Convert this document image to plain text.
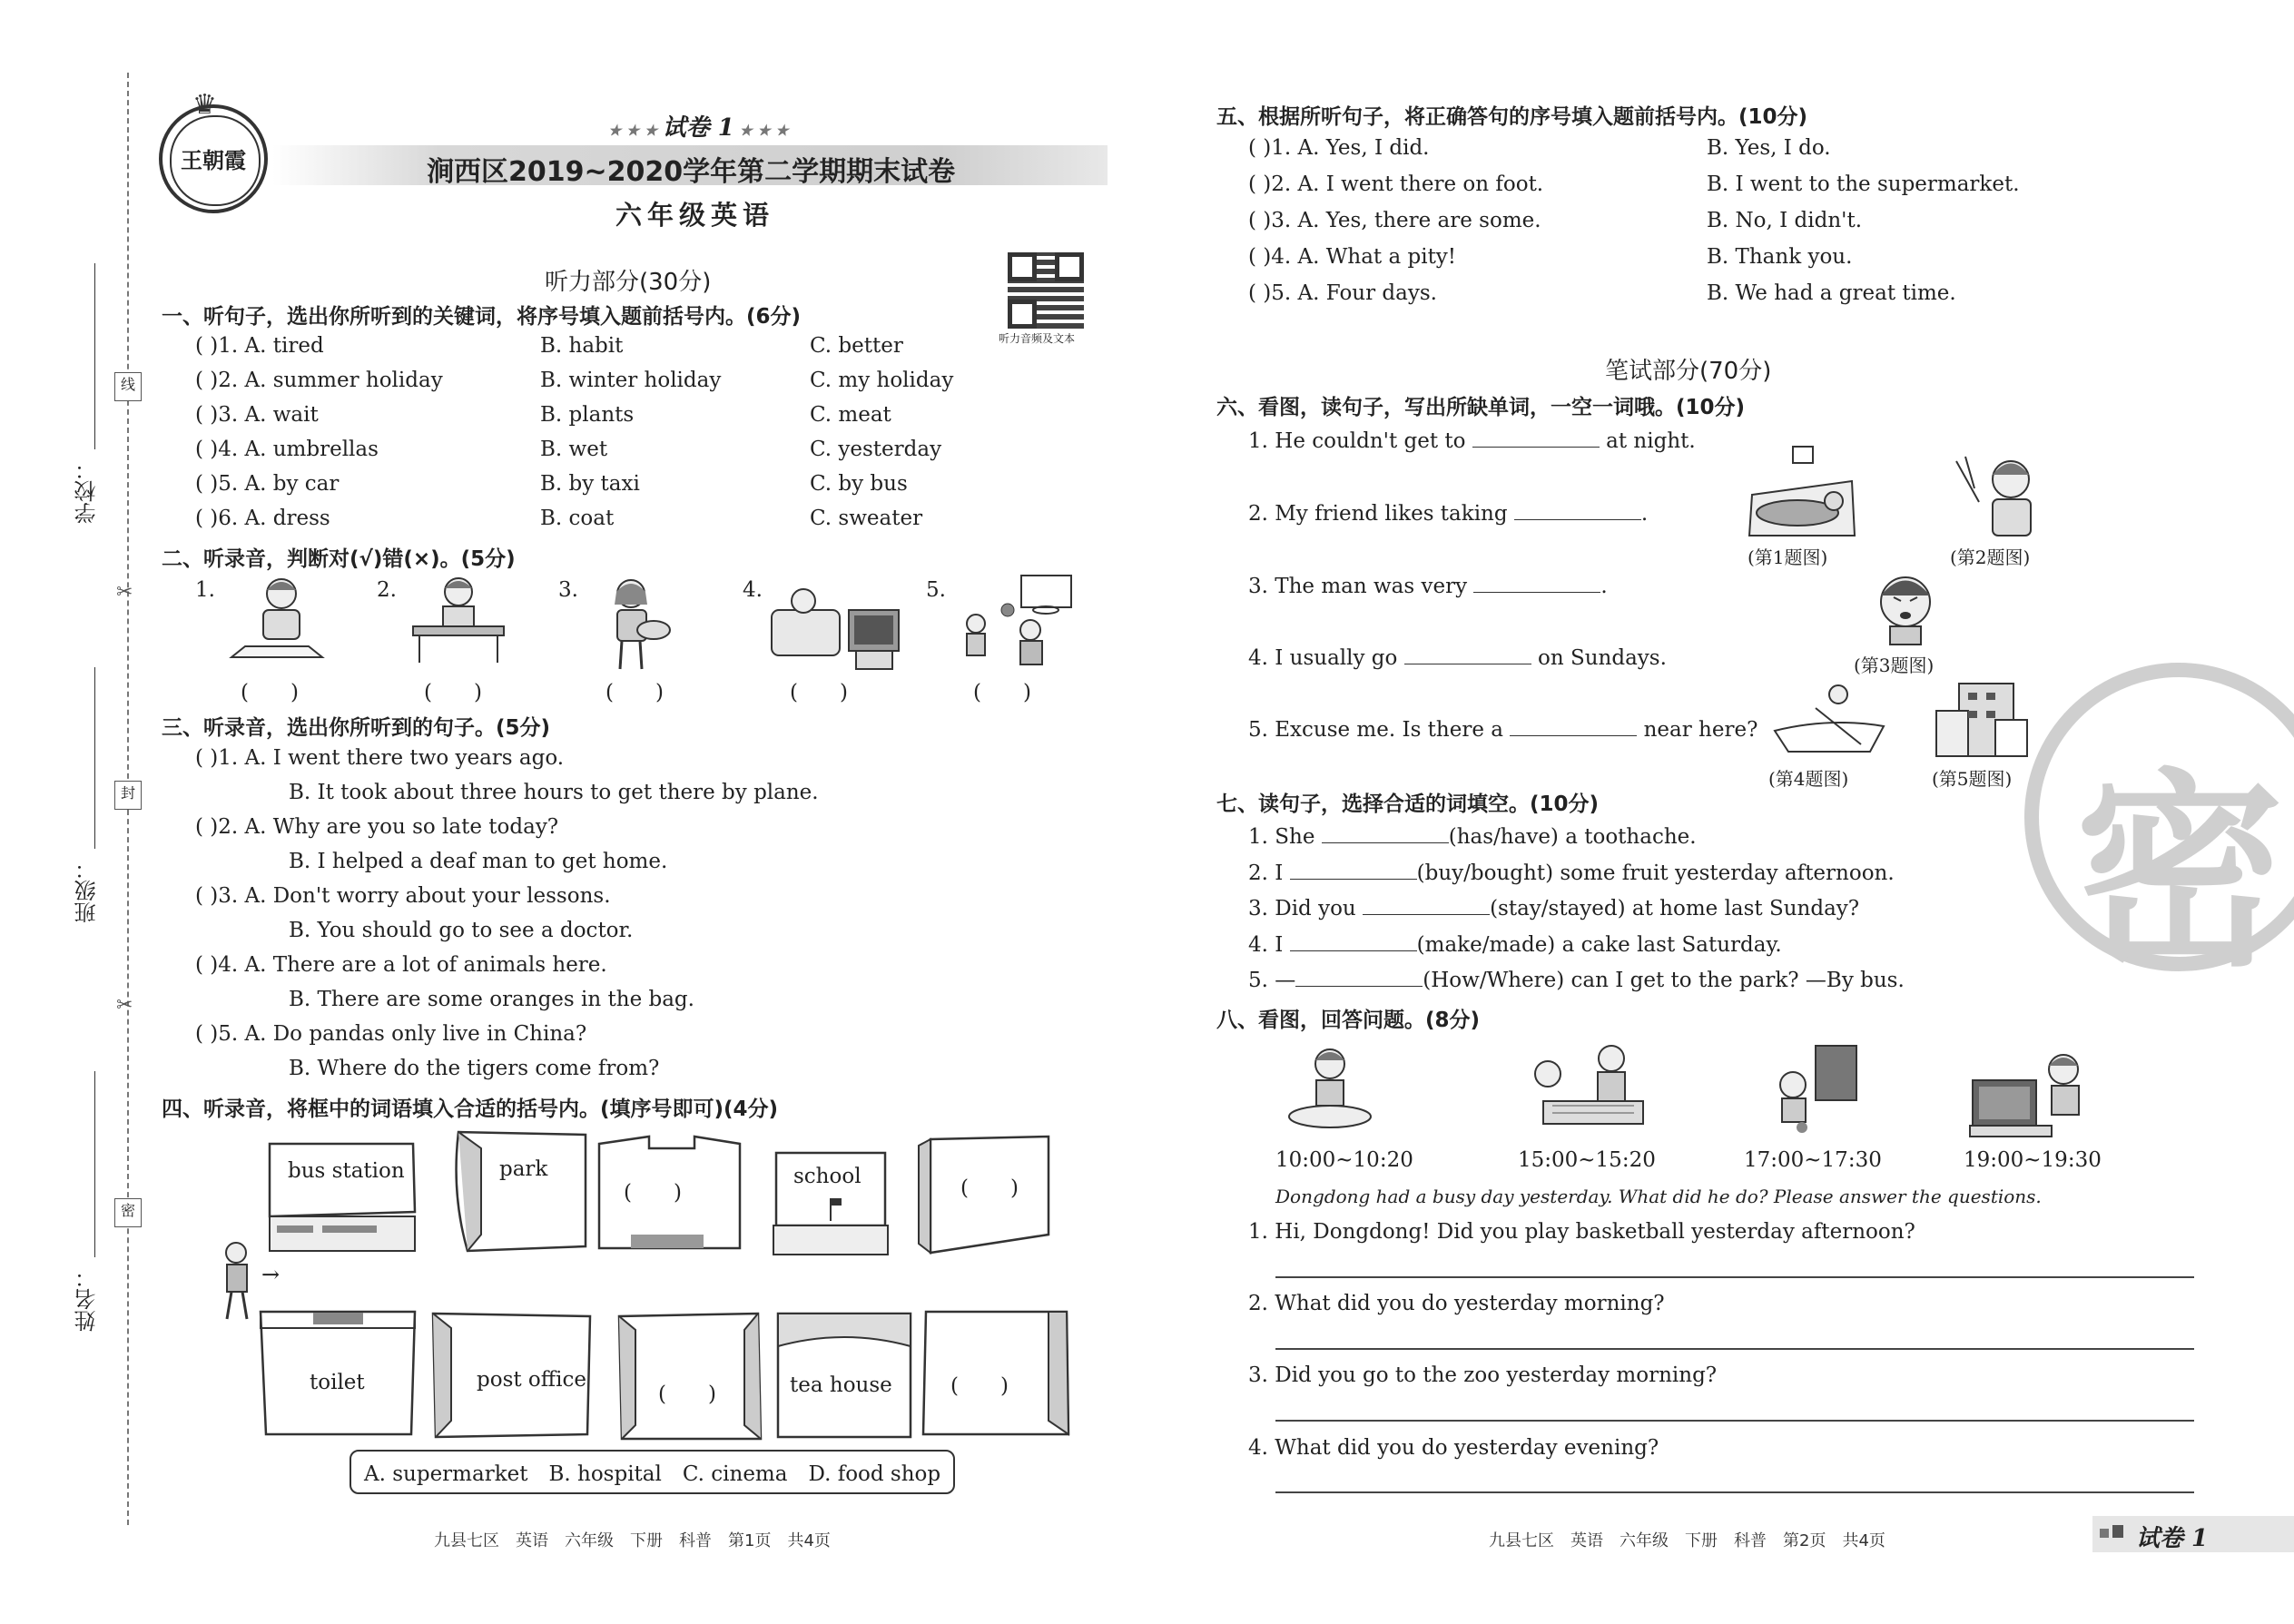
学校：
班级：
姓名：
线
封
密
✂
✂
王朝霞
♛
★ ★ ★ 试卷 1 ★ ★ ★
涧西区2019~2020学年第二学期期末试卷
六年级英语
听力音频及文本
听力部分(30分)
一、听句子，选出你所听到的关键词，将序号填入题前括号内。(6分)
( )1. A. tired	B. habit	C. better
( )2. A. summer holiday	B. winter holiday	C. my holiday
( )3. A. wait	B. plants	C. meat
( )4. A. umbrellas	B. wet	C. yesterday
( )5. A. by car	B. by taxi	C. by bus
( )6. A. dress	B. coat	C. sweater
二、听录音，判断对(√)错(×)。(5分)
1.	2.	3.	4.	5.
(　　)	(　　)	(　　)	(　　)	(　　)
三、听录音，选出你所听到的句子。(5分)
( )1. A. I went there two years ago.
B. It took about three hours to get there by plane.
( )2. A. Why are you so late today?
B. I helped a deaf man to get home.
( )3. A. Don't worry about your lessons.
B. You should go to see a doctor.
( )4. A. There are a lot of animals here.
B. There are some oranges in the bag.
( )5. A. Do pandas only live in China?
B. Where do the tigers come from?
四、听录音，将框中的词语填入合适的括号内。(填序号即可)(4分)
bus station	park
(　　)
school	(　　)
→
toilet	post office
(　　)	tea house	(　　)
A. supermarket　B. hospital　C. cinema　D. food shop
九县七区　英语　六年级　下册　科普　第1页　共4页
五、根据所听句子，将正确答句的序号填入题前括号内。(10分)
( )1. A. Yes, I did.	B. Yes, I do.
( )2. A. I went there on foot.	B. I went to the supermarket.
( )3. A. Yes, there are some.	B. No, I didn't.
( )4. A. What a pity!	B. Thank you.
( )5. A. Four days.	B. We had a great time.
笔试部分(70分)
六、看图，读句子，写出所缺单词，一空一词哦。(10分)
1. He couldn't get to	at night.
2. My friend likes taking	.
3. The man was very	.
4. I usually go	on Sundays.
5. Excuse me. Is there a	near here?
(第1题图)	(第2题图)
(第3题图)
(第4题图)	(第5题图) 密
七、读句子，选择合适的词填空。(10分)
1. She	(has/have) a toothache.
2. I	(buy/bought) some fruit yesterday afternoon.
3. Did you	(stay/stayed) at home last Sunday?
4. I	(make/made) a cake last Saturday.
5. —	(How/Where) can I get to the park? —By bus.
八、看图，回答问题。(8分)
10:00~10:20	15:00~15:20	17:00~17:30	19:00~19:30
Dongdong had a busy day yesterday. What did he do? Please answer the questions.
1. Hi, Dongdong! Did you play basketball yesterday afternoon?
2. What did you do yesterday morning?
3. Did you go to the zoo yesterday morning?
4. What did you do yesterday evening?
九县七区　英语　六年级　下册　科普　第2页　共4页	试卷 1
